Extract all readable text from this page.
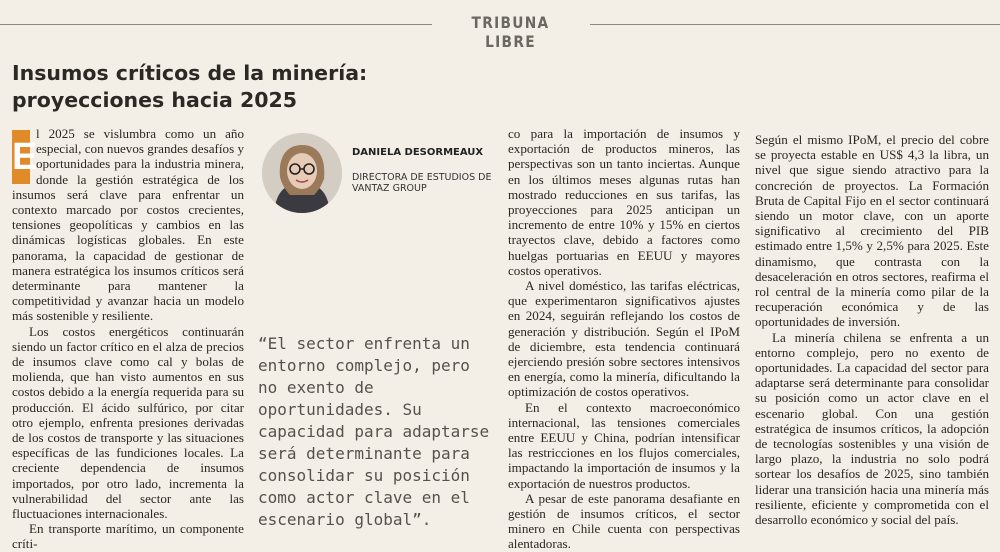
TRIBUNA LIBRE
Insumos críticos de la minería: proyecciones hacia 2025

E
l 2025 se vislumbra como un año especial, con nuevos grandes desafíos y oportunidades para la industria minera, donde la gestión estratégica de los insumos será clave para enfrentar un contexto marcado por costos crecientes, tensiones geopolíticas y cambios en las dinámicas logísticas globales. En este panorama, la capacidad de gestionar de manera estratégica los insumos críticos será determinante para mantener la competitividad y avanzar hacia un modelo más sostenible y resiliente.

Los costos energéticos continuarán siendo un factor crítico en el alza de precios de insumos clave como cal y bolas de molienda, que han visto aumentos en sus costos debido a la energía requerida para su producción. El ácido sulfúrico, por citar otro ejemplo, enfrenta presiones derivadas de los costos de transporte y las situaciones específicas de las fundiciones locales. La creciente dependencia de insumos importados, por otro lado, incrementa la vulnerabilidad del sector ante las fluctuaciones internacionales.

En transporte marítimo, un componente críti-

DANIELA DESORMEAUX
DIRECTORA DE ESTUDIOS DE VANTAZ GROUP
“El sector enfrenta un entorno complejo, pero no exento de oportunidades. Su capacidad para adaptarse será determinante para consolidar su posición como actor clave en el escenario global”.

co para la importación de insumos y exportación de productos mineros, las perspectivas son un tanto inciertas. Aunque en los últimos meses algunas rutas han mostrado reducciones en sus tarifas, las proyecciones para 2025 anticipan un incremento de entre 10% y 15% en ciertos trayectos clave, debido a factores como huelgas portuarias en EEUU y mayores costos operativos.

A nivel doméstico, las tarifas eléctricas, que experimentaron significativos ajustes en 2024, seguirán reflejando los costos de generación y distribución. Según el IPoM de diciembre, esta tendencia continuará ejerciendo presión sobre sectores intensivos en energía, como la minería, dificultando la optimización de costos operativos.

En el contexto macroeconómico internacional, las tensiones comerciales entre EEUU y China, podrían intensificar las restricciones en los flujos comerciales, impactando la importación de insumos y la exportación de nuestros productos.

A pesar de este panorama desafiante en gestión de insumos críticos, el sector minero en Chile cuenta con perspectivas alentadoras.

Según el mismo IPoM, el precio del cobre se proyecta estable en US$ 4,3 la libra, un nivel que sigue siendo atractivo para la concreción de proyectos. La Formación Bruta de Capital Fijo en el sector continuará siendo un motor clave, con un aporte significativo al crecimiento del PIB estimado entre 1,5% y 2,5% para 2025. Este dinamismo, que contrasta con la desaceleración en otros sectores, reafirma el rol central de la minería como pilar de la recuperación económica y de las oportunidades de inversión.

La minería chilena se enfrenta a un entorno complejo, pero no exento de oportunidades. La capacidad del sector para adaptarse será determinante para consolidar su posición como un actor clave en el escenario global. Con una gestión estratégica de insumos críticos, la adopción de tecnologías sostenibles y una visión de largo plazo, la industria no solo podrá sortear los desafíos de 2025, sino también liderar una transición hacia una minería más resiliente, eficiente y comprometida con el desarrollo económico y social del país.
